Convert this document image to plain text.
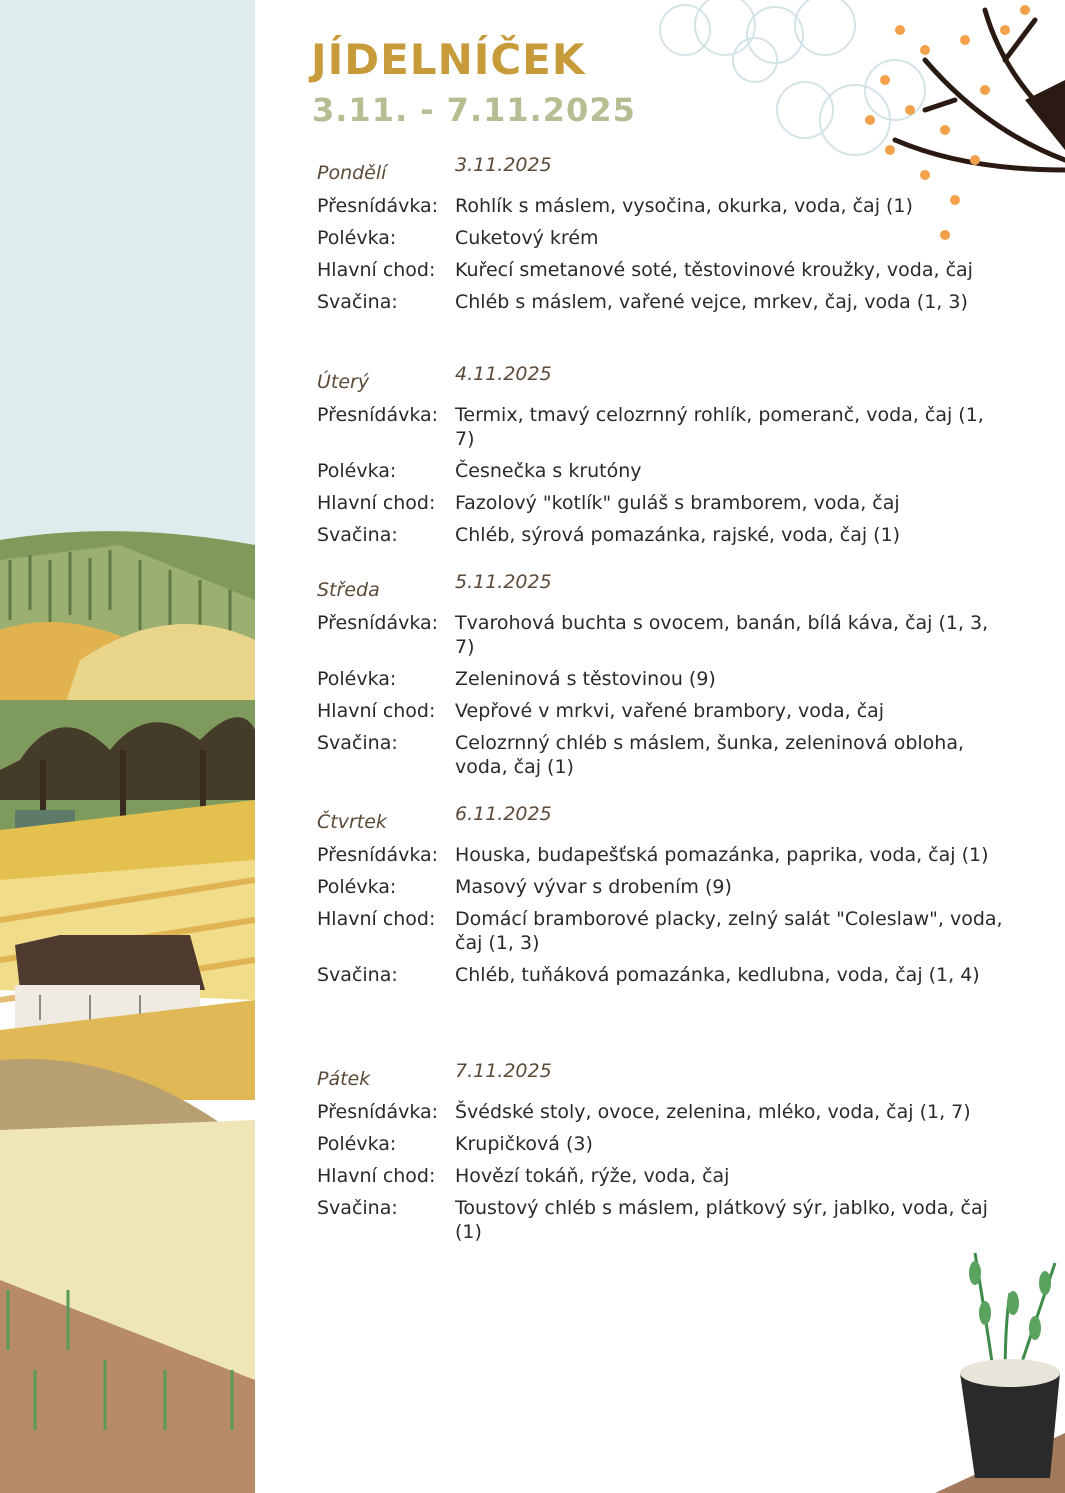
JÍDELNÍČEK
3.11. - 7.11.2025
Pondělí	3.11.2025
Přesnídávka: Rohlík s máslem, vysočina, okurka, voda, čaj (1)
Polévka:	Cuketový krém
Hlavní chod:	Kuřecí smetanové soté, těstovinové kroužky, voda, čaj
Svačina:	Chléb s máslem, vařené vejce, mrkev, čaj, voda (1, 3)
Úterý	4.11.2025
Přesnídávka: Termix, tmavý celozrnný rohlík, pomeranč, voda, čaj (1, 7)
Polévka:	Česnečka s krutóny
Hlavní chod:	Fazolový "kotlík" guláš s bramborem, voda, čaj
Svačina:	Chléb, sýrová pomazánka, rajské, voda, čaj (1)
Středa	5.11.2025
Přesnídávka: Tvarohová buchta s ovocem, banán, bílá káva, čaj (1, 3, 7)
Polévka:	Zeleninová s těstovinou (9)
Hlavní chod:	Vepřové v mrkvi, vařené brambory, voda, čaj
Svačina:	Celozrnný chléb s máslem, šunka, zeleninová obloha, voda, čaj (1)
Čtvrtek	6.11.2025
Přesnídávka: Houska, budapešťská pomazánka, paprika, voda, čaj (1)
Polévka:	Masový vývar s drobením (9)
Hlavní chod:	Domácí bramborové placky, zelný salát "Coleslaw", voda, čaj (1, 3)
Svačina:	Chléb, tuňáková pomazánka, kedlubna, voda, čaj (1, 4)
Pátek	7.11.2025
Přesnídávka: Švédské stoly, ovoce, zelenina, mléko, voda, čaj (1, 7)
Polévka:	Krupičková (3)
Hlavní chod:	Hovězí tokáň, rýže, voda, čaj
Svačina:	Toustový chléb s máslem, plátkový sýr, jablko, voda, čaj (1)
